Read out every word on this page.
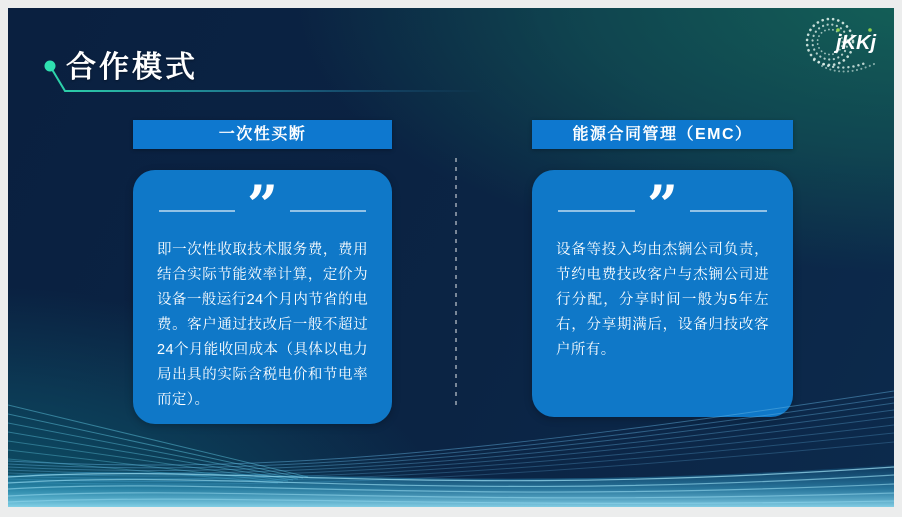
合作模式
jKKj
一次性买断	能源合同管理（EMC）
”
即一次性收取技术服务费，费用结合实际节能效率计算，定价为设备一般运行24个月内节省的电费。客户通过技改后一般不超过24个月能收回成本（具体以电力局出具的实际含税电价和节电率而定）。
”
设备等投入均由杰锎公司负责，节约电费技改客户与杰锎公司进行分配，分享时间一般为5年左右，分享期满后，设备归技改客户所有。
